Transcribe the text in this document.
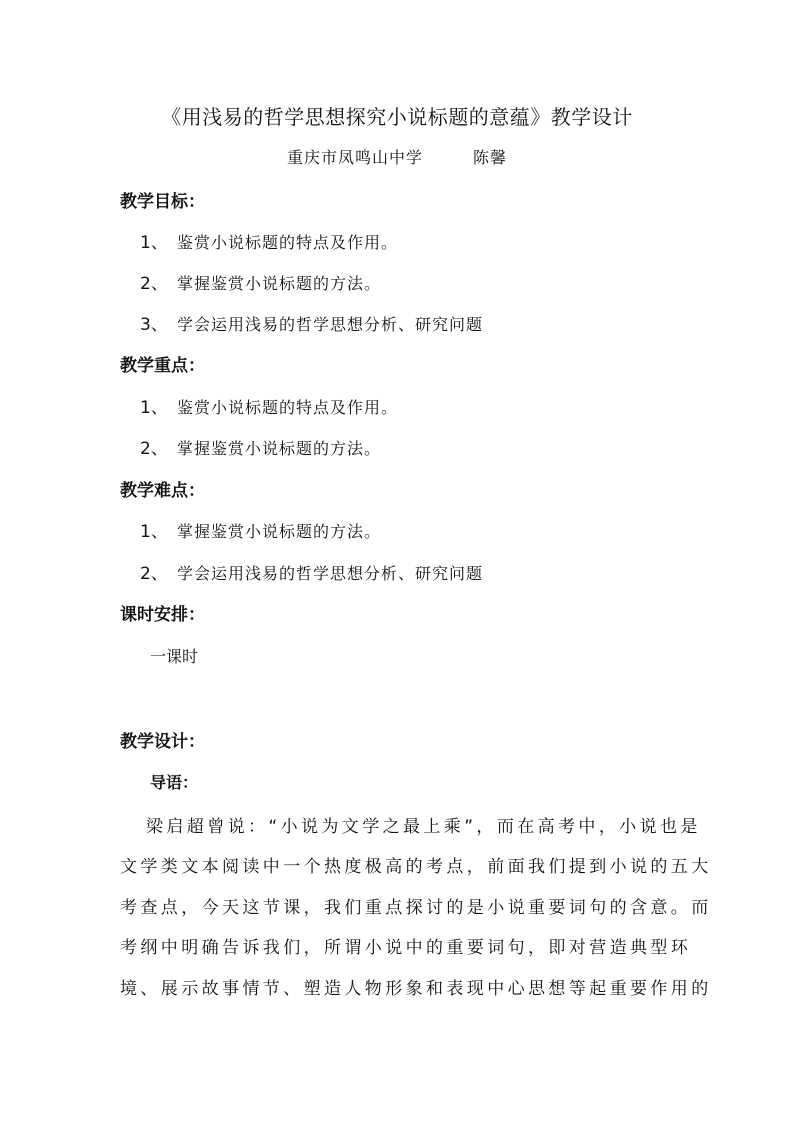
《用浅易的哲学思想探究小说标题的意蕴》教学设计
重庆市凤鸣山中学	陈馨
教学目标：
1、 鉴赏小说标题的特点及作用。
2、 掌握鉴赏小说标题的方法。
3、 学会运用浅易的哲学思想分析、研究问题
教学重点：
1、 鉴赏小说标题的特点及作用。
2、 掌握鉴赏小说标题的方法。
教学难点：
1、 掌握鉴赏小说标题的方法。
2、 学会运用浅易的哲学思想分析、研究问题
课时安排：
一课时
教学设计：
导语：
梁启超曾说：“小说为文学之最上乘”，而在高考中，小说也是
文学类文本阅读中一个热度极高的考点，前面我们提到小说的五大
考查点，今天这节课，我们重点探讨的是小说重要词句的含意。而
考纲中明确告诉我们，所谓小说中的重要词句，即对营造典型环
境、展示故事情节、塑造人物形象和表现中心思想等起重要作用的
